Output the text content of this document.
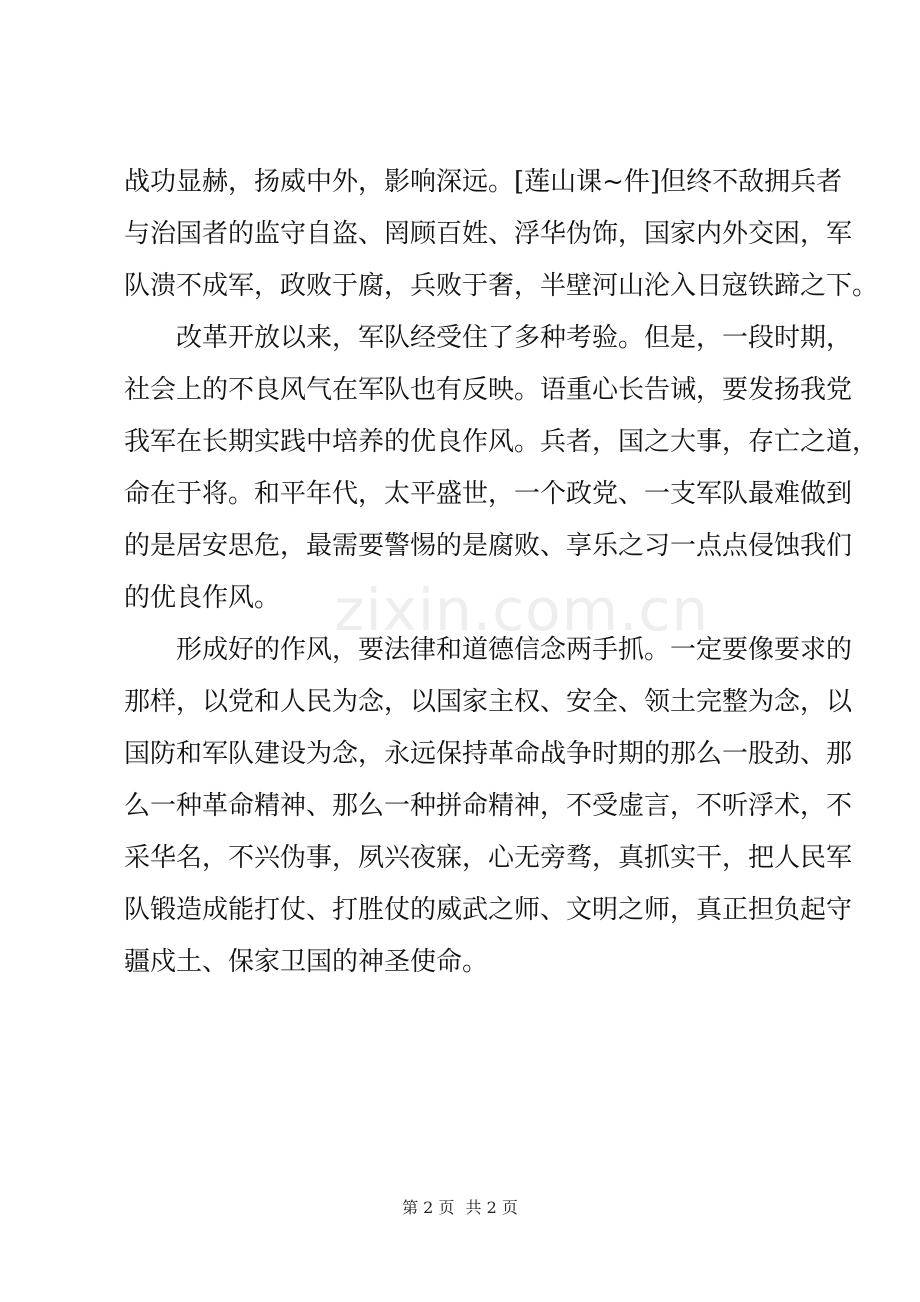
zixin.com.cn
战功显赫，扬威中外，影响深远。[莲山课~件]但终不敌拥兵者
与治国者的监守自盗、罔顾百姓、浮华伪饰，国家内外交困，军
队溃不成军，政败于腐，兵败于奢，半壁河山沦入日寇铁蹄之下。
　　改革开放以来，军队经受住了多种考验。但是，一段时期，
社会上的不良风气在军队也有反映。语重心长告诫，要发扬我党
我军在长期实践中培养的优良作风。兵者，国之大事，存亡之道，
命在于将。和平年代，太平盛世，一个政党、一支军队最难做到
的是居安思危，最需要警惕的是腐败、享乐之习一点点侵蚀我们
的优良作风。
　　形成好的作风，要法律和道德信念两手抓。一定要像要求的
那样，以党和人民为念，以国家主权、安全、领土完整为念，以
国防和军队建设为念，永远保持革命战争时期的那么一股劲、那
么一种革命精神、那么一种拼命精神，不受虚言，不听浮术，不
采华名，不兴伪事，夙兴夜寐，心无旁骛，真抓实干，把人民军
队锻造成能打仗、打胜仗的威武之师、文明之师，真正担负起守
疆戍土、保家卫国的神圣使命。
第 2 页 共 2 页
